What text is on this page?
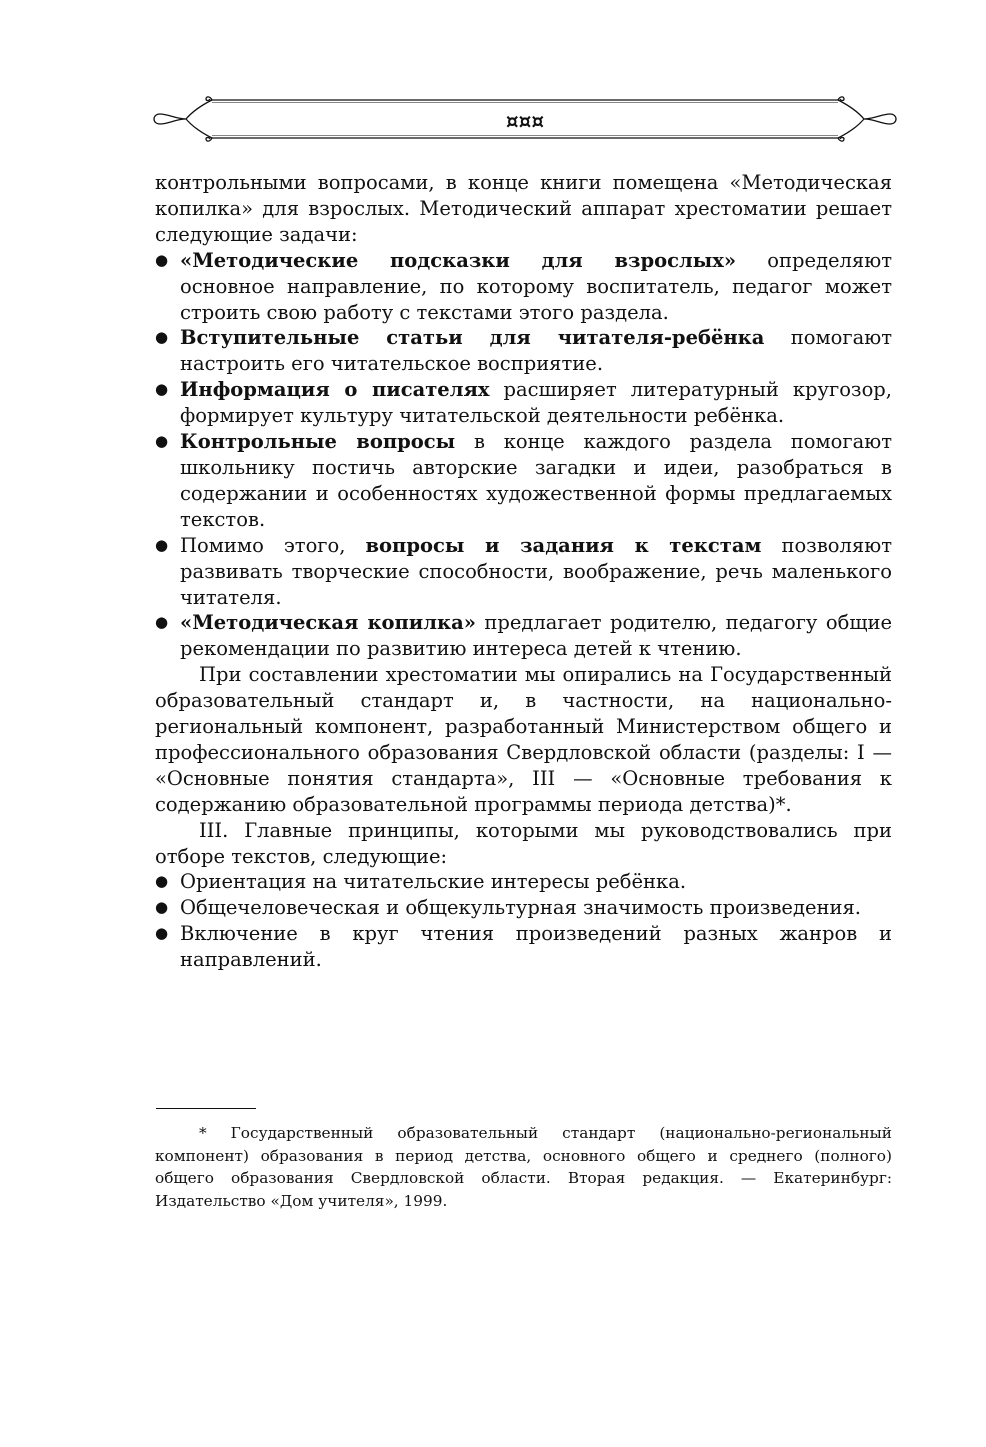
¤¤¤

контрольными вопросами, в конце книги помещена «Методическая копилка» для взрослых. Методический аппарат хрестоматии решает следующие задачи:

● «Методические подсказки для взрослых» определяют основное направление, по которому воспитатель, педагог может строить свою работу с текстами этого раздела.
● Вступительные статьи для читателя-ребёнка помогают настроить его читательское восприятие.
● Информация о писателях расширяет литературный кругозор, формирует культуру читательской деятельности ребёнка.
● Контрольные вопросы в конце каждого раздела помогают школьнику постичь авторские загадки и идеи, разобраться в содержании и особенностях художественной формы предлагаемых текстов.
● Помимо этого, вопросы и задания к текстам позволяют развивать творческие способности, воображение, речь маленького читателя.
● «Методическая копилка» предлагает родителю, педагогу общие рекомендации по развитию интереса детей к чтению.

При составлении хрестоматии мы опирались на Государственный образовательный стандарт и, в частности, на национально-региональный компонент, разработанный Министерством общего и профессионального образования Свердловской области (разделы: I — «Основные понятия стандарта», III — «Основные требования к содержанию образовательной программы периода детства)*.

III. Главные принципы, которыми мы руководствовались при отборе текстов, следующие:

● Ориентация на читательские интересы ребёнка.
● Общечеловеческая и общекультурная значимость произведения.
● Включение в круг чтения произведений разных жанров и направлений.

* Государственный образовательный стандарт (национально-региональный компонент) образования в период детства, основного общего и среднего (полного) общего образования Свердловской области. Вторая редакция. — Екатеринбург: Издательство «Дом учителя», 1999.
